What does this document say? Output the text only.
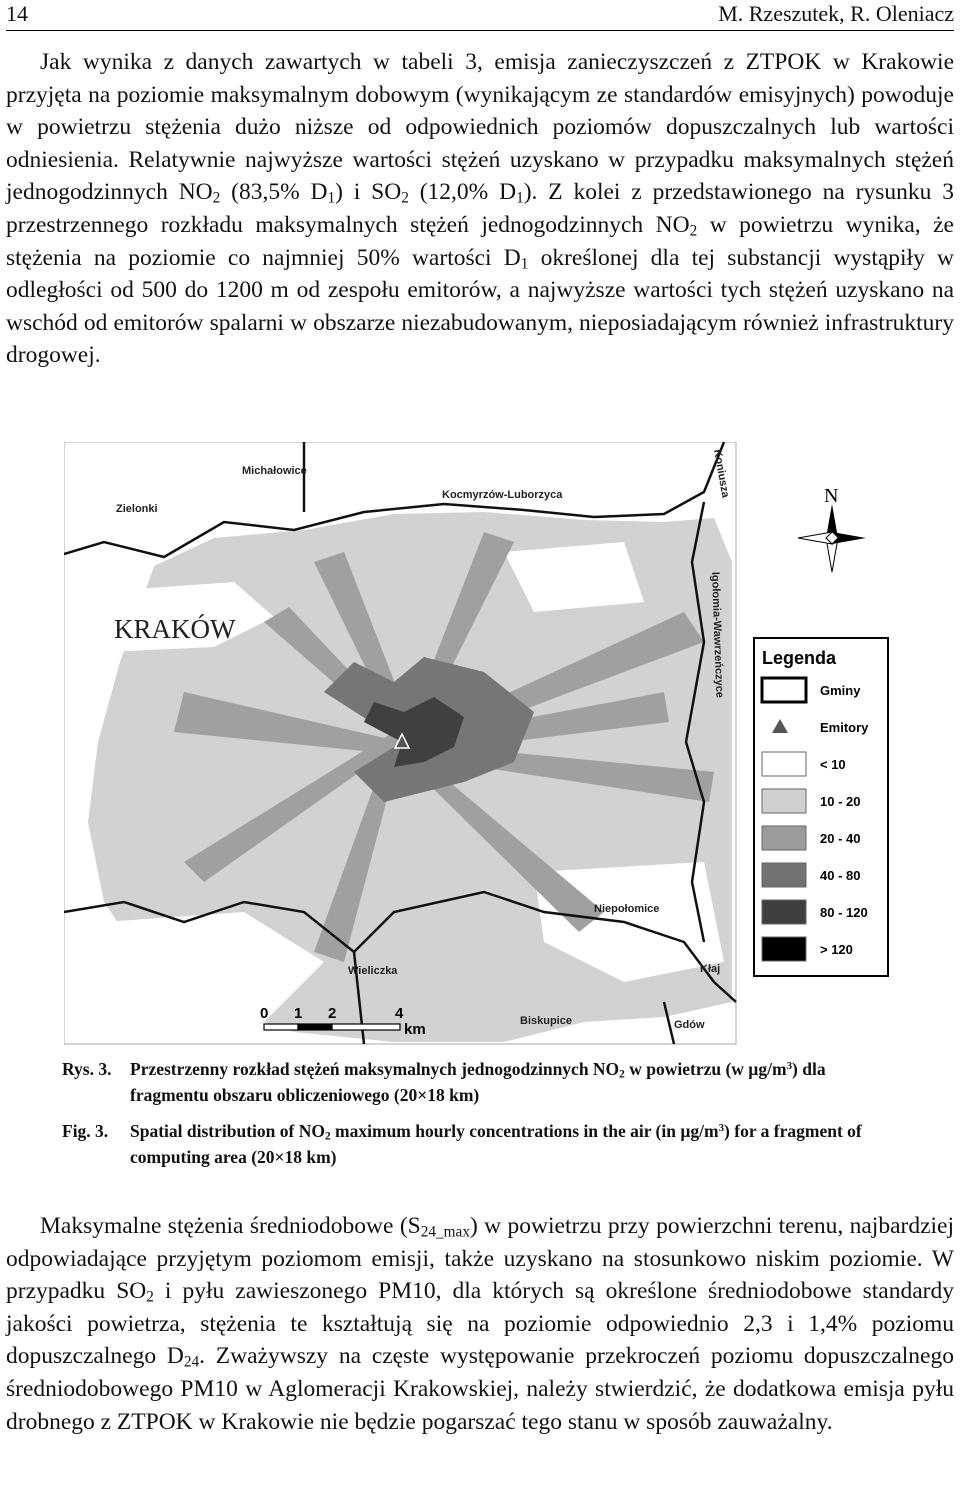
14	M. Rzeszutek, R. Oleniacz

Jak wynika z danych zawartych w tabeli 3, emisja zanieczyszczeń z ZTPOK w Krakowie przyjęta na poziomie maksymalnym dobowym (wynikającym ze standardów emisyjnych) powoduje w powietrzu stężenia dużo niższe od odpowiednich poziomów dopuszczalnych lub wartości odniesienia. Relatywnie najwyższe wartości stężeń uzyskano w przypadku maksymalnych stężeń jednogodzinnych $NO_2$ (83,5% $D_1$) i $SO_2$ (12,0% $D_1$). Z kolei z przedstawionego na rysunku 3 przestrzennego rozkładu maksymalnych stężeń jednogodzinnych $NO_2$ w powietrzu wynika, że stężenia na poziomie co najmniej 50% wartości $D_1$ określonej dla tej substancji wystąpiły w odległości od 500 do 1200 m od zespołu emitorów, a najwyższe wartości tych stężeń uzyskano na wschód od emitorów spalarni w obszarze niezabudowanym, nieposiadającym również infrastruktury drogowej.

Michałowice
Zielonki
Kocmyrzów-Luborzyca	Koniusza
Igołomia-Wawrzeńczyce
KRAKÓW
Niepołomice
Wieliczka	Kłaj
Biskupice	Gdów
0 1 2	4
km
N
Legenda
Gminy
Emitory
< 10
10 - 20
20 - 40
40 - 80
80 - 120
> 120
Rys. 3. Przestrzenny rozkład stężeń maksymalnych jednogodzinnych $NO_2$ w powietrzu (w $\mu g/m^3$) dla fragmentu obszaru obliczeniowego (20×18 km)
Fig. 3. Spatial distribution of $NO_2$ maximum hourly concentrations in the air (in $\mu g/m^3$) for a fragment of computing area (20×18 km)

Maksymalne stężenia średniodobowe $(S_{24\_max})$ w powietrzu przy powierzchni terenu, najbardziej odpowiadające przyjętym poziomom emisji, także uzyskano na stosunkowo niskim poziomie. W przypadku $SO_2$ i pyłu zawieszonego PM10, dla których są określone średniodobowe standardy jakości powietrza, stężenia te kształtują się na poziomie odpowiednio 2,3 i 1,4% poziomu dopuszczalnego $D_{24}$. Zważywszy na częste występowanie przekroczeń poziomu dopuszczalnego średniodobowego PM10 w Aglomeracji Krakowskiej, należy stwierdzić, że dodatkowa emisja pyłu drobnego z ZTPOK w Krakowie nie będzie pogarszać tego stanu w sposób zauważalny.
